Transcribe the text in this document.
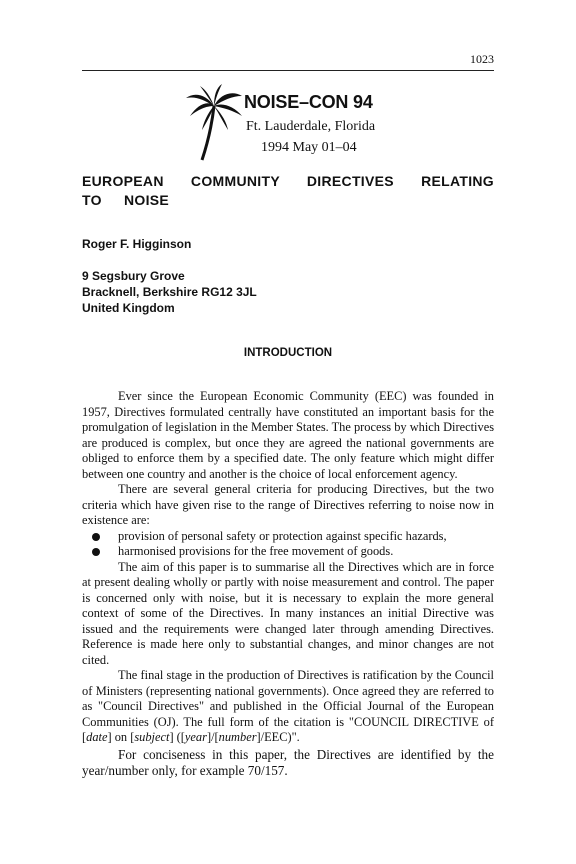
1023
NOISE–CON 94
Ft. Lauderdale, Florida
1994 May 01–04
EUROPEAN COMMUNITY DIRECTIVES RELATING TO NOISE
Roger F. Higginson
9 Segsbury Grove
Bracknell, Berkshire RG12 3JL
United Kingdom
INTRODUCTION

Ever since the European Economic Community (EEC) was founded in 1957, Directives formulated centrally have constituted an important basis for the promulgation of legislation in the Member States. The process by which Directives are produced is complex, but once they are agreed the national governments are obliged to enforce them by a specified date. The only feature which might differ between one country and another is the choice of local enforcement agency.

There are several general criteria for producing Directives, but the two criteria which have given rise to the range of Directives referring to noise now in existence are:

provision of personal safety or protection against specific hazards,
harmonised provisions for the free movement of goods.

The aim of this paper is to summarise all the Directives which are in force at present dealing wholly or partly with noise measurement and control. The paper is concerned only with noise, but it is necessary to explain the more general context of some of the Directives. In many instances an initial Directive was issued and the requirements were changed later through amending Directives. Reference is made here only to substantial changes, and minor changes are not cited.

The final stage in the production of Directives is ratification by the Council of Ministers (representing national governments). Once agreed they are referred to as "Council Directives" and published in the Official Journal of the European Communities (OJ). The full form of the citation is "COUNCIL DIRECTIVE of [date] on [subject] ([year]/[number]/EEC)".

For conciseness in this paper, the Directives are identified by the year/number only, for example 70/157.
